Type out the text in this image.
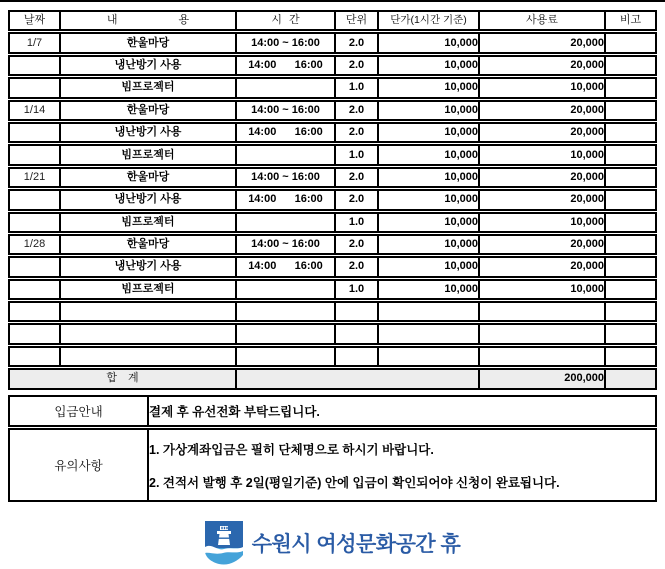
날짜	내 용	시 간	단위	단가(1시간 기준)	사용료	비고
1/7	한울마당	14:00 ~ 16:00	2.0	10,000	20,000	
	냉난방기 사용	14:00      16:00	2.0	10,000	20,000	
	빔프로젝터		1.0	10,000	10,000	
1/14	한울마당	14:00 ~ 16:00	2.0	10,000	20,000	
	냉난방기 사용	14:00      16:00	2.0	10,000	20,000	
	빔프로젝터		1.0	10,000	10,000	
1/21	한울마당	14:00 ~ 16:00	2.0	10,000	20,000	
	냉난방기 사용	14:00      16:00	2.0	10,000	20,000	
	빔프로젝터		1.0	10,000	10,000	
1/28	한울마당	14:00 ~ 16:00	2.0	10,000	20,000	
	냉난방기 사용	14:00      16:00	2.0	10,000	20,000	
	빔프로젝터		1.0	10,000	10,000	

합 계					200,000	
입금안내	결제 후 유선전화 부탁드립니다.

유의사항	1. 가상계좌입금은 필히 단체명으로 하시기 바랍니다.
2. 견적서 발행 후 2일(평일기준) 안에 입금이 확인되어야 신청이 완료됩니다.
수원시 여성문화공간 휴
